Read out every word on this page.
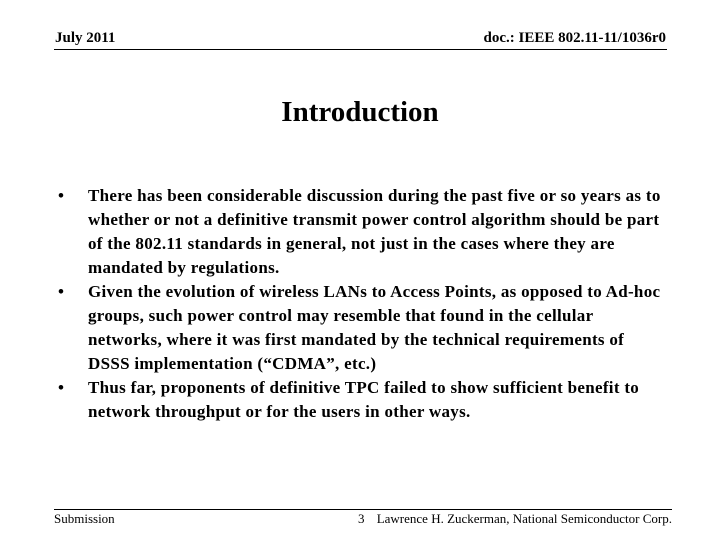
July 2011	doc.: IEEE 802.11-11/1036r0
Introduction
• There has been considerable discussion during the past five or so years as to whether or not a definitive transmit power control algorithm should be part of the 802.11 standards in general, not just in the cases where they are mandated by regulations.
• Given the evolution of wireless LANs to Access Points, as opposed to Ad-hoc groups, such power control may resemble that found in the cellular networks, where it was first mandated by the technical requirements of DSSS implementation (“CDMA”, etc.)
• Thus far, proponents of definitive TPC failed to show sufficient benefit to network throughput or for the users in other ways.
Submission	3 Lawrence H. Zuckerman, National Semiconductor Corp.
